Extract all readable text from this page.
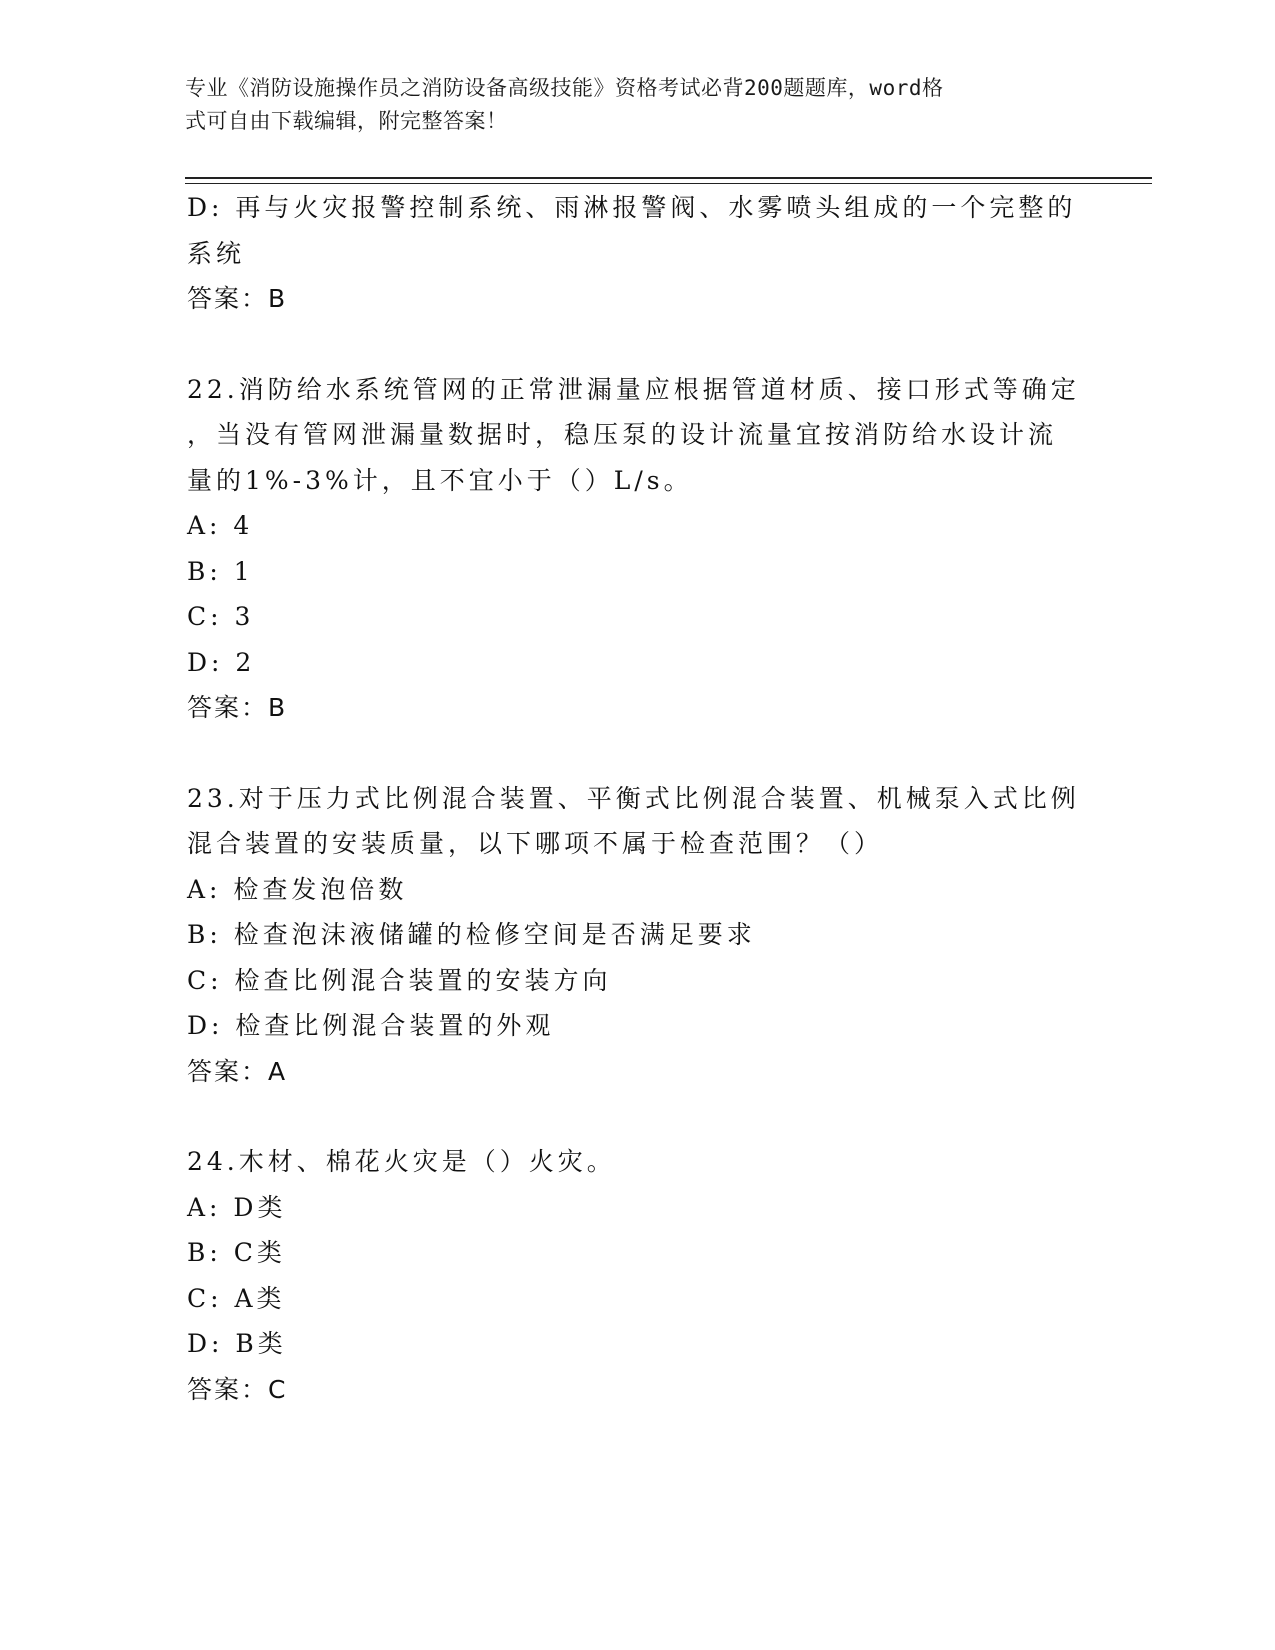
专业《消防设施操作员之消防设备高级技能》资格考试必背200题题库，word格
式可自由下载编辑，附完整答案！
D: 再与火灾报警控制系统、雨淋报警阀、水雾喷头组成的一个完整的
系统
答案：B
22.消防给水系统管网的正常泄漏量应根据管道材质、接口形式等确定
，当没有管网泄漏量数据时，稳压泵的设计流量宜按消防给水设计流
量的1%-3%计，且不宜小于（）L/s。
A: 4
B: 1
C: 3
D: 2
答案：B
23.对于压力式比例混合装置、平衡式比例混合装置、机械泵入式比例
混合装置的安装质量，以下哪项不属于检查范围？（）
A: 检查发泡倍数
B: 检查泡沫液储罐的检修空间是否满足要求
C: 检查比例混合装置的安装方向
D: 检查比例混合装置的外观
答案：A
24.木材、棉花火灾是（）火灾。
A: D类
B: C类
C: A类
D: B类
答案：C
